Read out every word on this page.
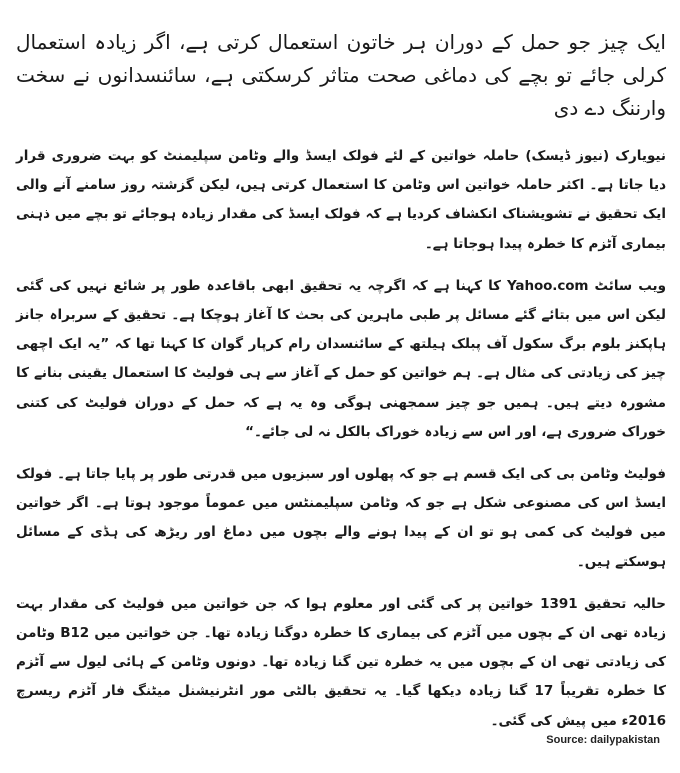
ایک چیز جو حمل کے دوران ہر خاتون استعمال کرتی ہے، اگر زیادہ استعمال کرلی جائے تو بچے کی دماغی صحت متاثر کرسکتی ہے، سائنسدانوں نے سخت وارننگ دے دی

نیویارک (نیوز ڈیسک) حاملہ خواتین کے لئے فولک ایسڈ والے وٹامن سپلیمنٹ کو بہت ضروری قرار دیا جاتا ہے۔ اکثر حاملہ خواتین اس وٹامن کا استعمال کرتی ہیں، لیکن گزشتہ روز سامنے آنے والی ایک تحقیق نے تشویشناک انکشاف کردیا ہے کہ فولک ایسڈ کی مقدار زیادہ ہوجائے تو بچے میں ذہنی بیماری آٹزم کا خطرہ پیدا ہوجاتا ہے۔

ویب سائٹ Yahoo.com کا کہنا ہے کہ اگرچہ یہ تحقیق ابھی باقاعدہ طور پر شائع نہیں کی گئی لیکن اس میں بتائے گئے مسائل پر طبی ماہرین کی بحث کا آغاز ہوچکا ہے۔ تحقیق کے سربراہ جانز ہاپکنز بلوم برگ سکول آف پبلک ہیلتھ کے سائنسدان رام کرپار گوان کا کہنا تھا کہ ”یہ ایک اچھی چیز کی زیادتی کی مثال ہے۔ ہم خواتین کو حمل کے آغاز سے ہی فولیٹ کا استعمال یقینی بنانے کا مشورہ دیتے ہیں۔ ہمیں جو چیز سمجھنی ہوگی وہ یہ ہے کہ حمل کے دوران فولیٹ کی کتنی خوراک ضروری ہے، اور اس سے زیادہ خوراک بالکل نہ لی جائے۔“

فولیٹ وٹامن بی کی ایک قسم ہے جو کہ پھلوں اور سبزیوں میں قدرتی طور پر پایا جاتا ہے۔ فولک ایسڈ اس کی مصنوعی شکل ہے جو کہ وٹامن سپلیمنٹس میں عموماً موجود ہوتا ہے۔ اگر خواتین میں فولیٹ کی کمی ہو تو ان کے پیدا ہونے والے بچوں میں دماغ اور ریڑھ کی ہڈی کے مسائل ہوسکتے ہیں۔

حالیہ تحقیق 1391 خواتین پر کی گئی اور معلوم ہوا کہ جن خواتین میں فولیٹ کی مقدار بہت زیادہ تھی ان کے بچوں میں آٹزم کی بیماری کا خطرہ دوگنا زیادہ تھا۔ جن خواتین میں B12 وٹامن کی زیادتی تھی ان کے بچوں میں یہ خطرہ تین گنا زیادہ تھا۔ دونوں وٹامن کے ہائی لیول سے آٹزم کا خطرہ تقریباً 17 گنا زیادہ دیکھا گیا۔ یہ تحقیق بالٹی مور انٹرنیشنل میٹنگ فار آٹزم ریسرچ 2016ء میں پیش کی گئی۔

Source: dailypakistan
